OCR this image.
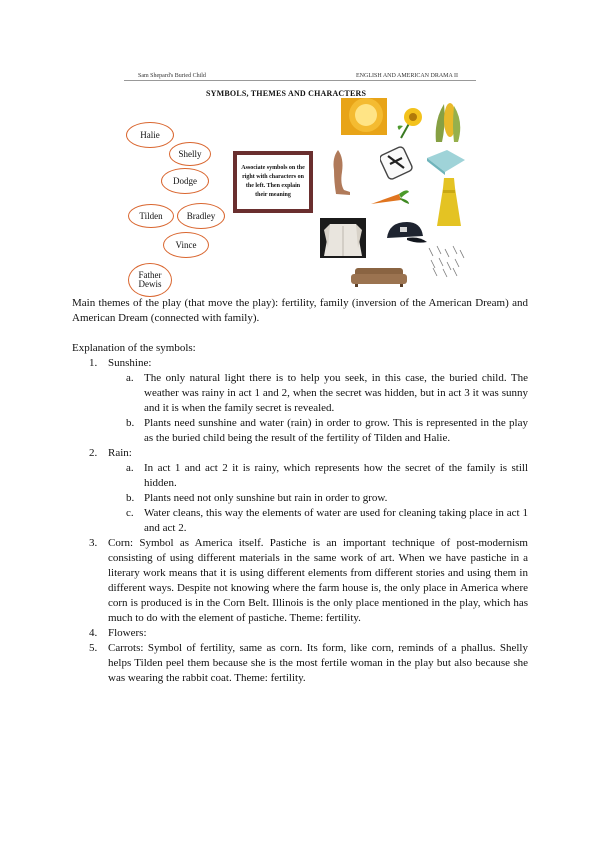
Sam Shepard's Buried Child	ENGLISH AND AMERICAN DRAMA II
SYMBOLS, THEMES AND CHARACTERS
Halie
Shelly
Dodge
Tilden	Bradley
Vince
Father Dewis
Associate symbols on the right with characters on the left. Then explain their meaning

Main themes of the play (that move the play): fertility, family (inversion of the American Dream) and American Dream (connected with family).

Explanation of the symbols:

1. Sunshine:
a. The only natural light there is to help you seek, in this case, the buried child. The weather was rainy in act 1 and 2, when the secret was hidden, but in act 3 it was sunny and it is when the family secret is revealed.
b. Plants need sunshine and water (rain) in order to grow. This is represented in the play as the buried child being the result of the fertility of Tilden and Halie.
2. Rain:
a. In act 1 and act 2 it is rainy, which represents how the secret of the family is still hidden.
b. Plants need not only sunshine but rain in order to grow.
c. Water cleans, this way the elements of water are used for cleaning taking place in act 1 and act 2.
3. Corn: Symbol as America itself. Pastiche is an important technique of post-modernism consisting of using different materials in the same work of art. When we have pastiche in a literary work means that it is using different elements from different stories and using them in different ways. Despite not knowing where the farm house is, the only place in America where corn is produced is in the Corn Belt. Illinois is the only place mentioned in the play, which has much to do with the element of pastiche. Theme: fertility.
4. Flowers:
5. Carrots: Symbol of fertility, same as corn. Its form, like corn, reminds of a phallus. Shelly helps Tilden peel them because she is the most fertile woman in the play but also because she was wearing the rabbit coat. Theme: fertility.
